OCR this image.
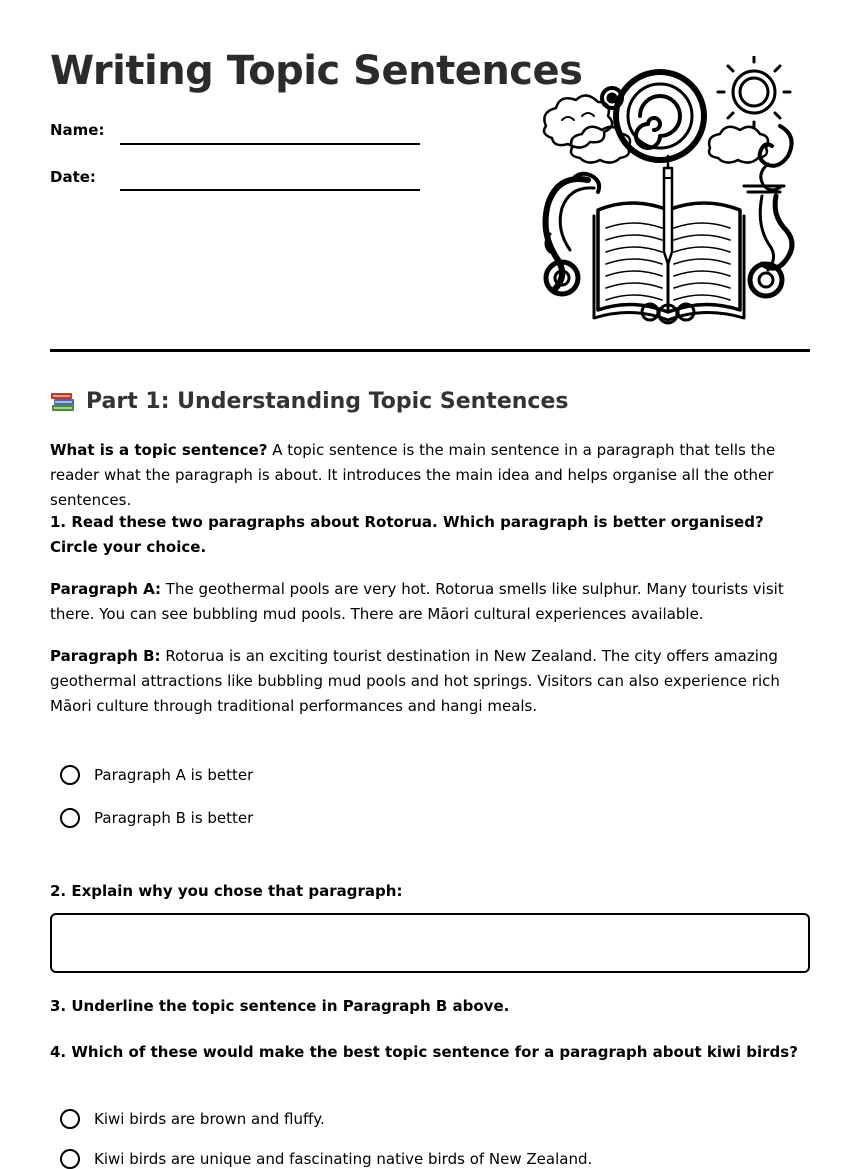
Writing Topic Sentences
Name:
Date:
Part 1: Understanding Topic Sentences

What is a topic sentence? A topic sentence is the main sentence in a paragraph that tells the reader what the paragraph is about. It introduces the main idea and helps organise all the other sentences.

1. Read these two paragraphs about Rotorua. Which paragraph is better organised? Circle your choice.

Paragraph A: The geothermal pools are very hot. Rotorua smells like sulphur. Many tourists visit there. You can see bubbling mud pools. There are Māori cultural experiences available.

Paragraph B: Rotorua is an exciting tourist destination in New Zealand. The city offers amazing geothermal attractions like bubbling mud pools and hot springs. Visitors can also experience rich Māori culture through traditional performances and hangi meals.

Paragraph A is better
Paragraph B is better

2. Explain why you chose that paragraph:

3. Underline the topic sentence in Paragraph B above.

4. Which of these would make the best topic sentence for a paragraph about kiwi birds?

Kiwi birds are brown and fluffy.
Kiwi birds are unique and fascinating native birds of New Zealand.
